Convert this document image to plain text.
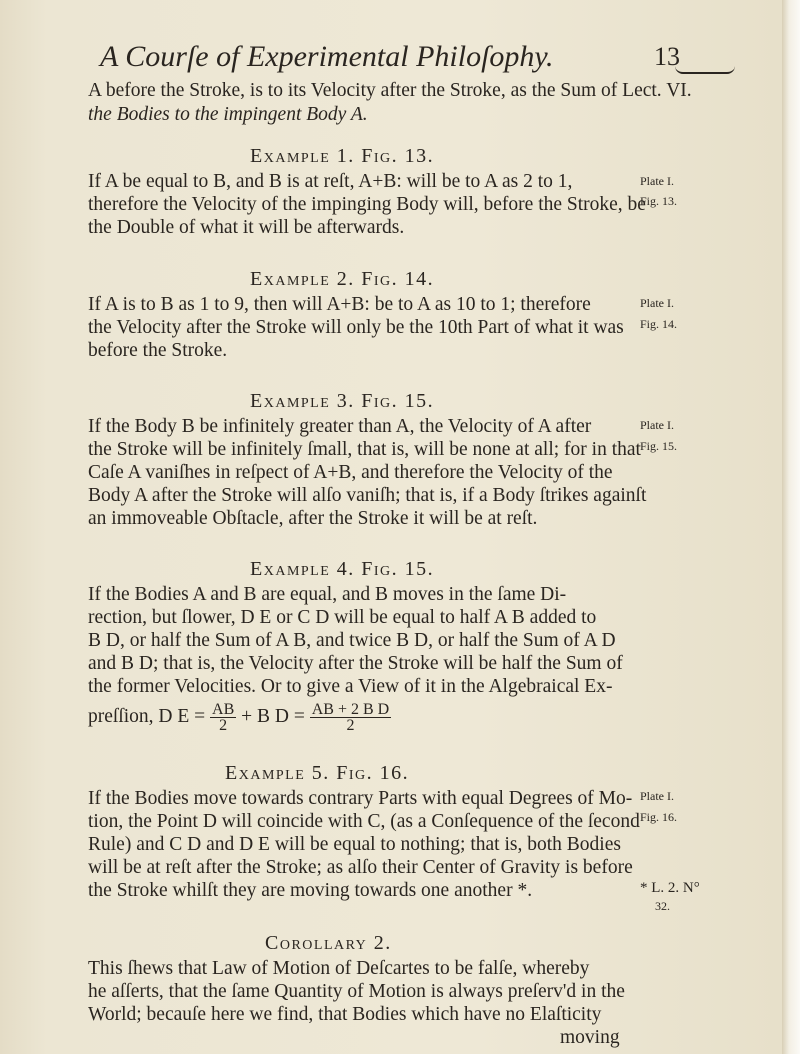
A Courſe of Experimental Philoſophy.	13
A before the Stroke, is to its Velocity after the Stroke, as the Sum of Lect. VI.
the Bodies to the impingent Body A.
Example 1. Fig. 13.
If A be equal to B, and B is at reſt, A+B: will be to A as 2 to 1,
therefore the Velocity of the impinging Body will, before the Stroke, be
the Double of what it will be afterwards.
Plate I.
Fig. 13.
Example 2. Fig. 14.
If A is to B as 1 to 9, then will A+B: be to A as 10 to 1; therefore
the Velocity after the Stroke will only be the 10th Part of what it was
before the Stroke.
Plate I.
Fig. 14.
Example 3. Fig. 15.
If the Body B be infinitely greater than A, the Velocity of A after
the Stroke will be infinitely ſmall, that is, will be none at all; for in that
Caſe A vaniſhes in reſpect of A+B, and therefore the Velocity of the
Body A after the Stroke will alſo vaniſh; that is, if a Body ſtrikes againſt
an immoveable Obſtacle, after the Stroke it will be at reſt.
Plate I.
Fig. 15.
Example 4. Fig. 15.
If the Bodies A and B are equal, and B moves in the ſame Di-
rection, but ſlower, D E or C D will be equal to half A B added to
B D, or half the Sum of A B, and twice B D, or half the Sum of A D
and B D; that is, the Velocity after the Stroke will be half the Sum of
the former Velocities. Or to give a View of it in the Algebraical Ex-
preſſion, D $E = \frac{AB}{2} + B$ $D = \frac{\text{AB + 2 B D}}{2}$
Example 5. Fig. 16.
If the Bodies move towards contrary Parts with equal Degrees of Mo-
tion, the Point D will coincide with C, (as a Conſequence of the ſecond
Rule) and C D and D E will be equal to nothing; that is, both Bodies
will be at reſt after the Stroke; as alſo their Center of Gravity is before
the Stroke whilſt they are moving towards one another *.
Plate I.
Fig. 16.
* L. 2. N°
32.
Corollary 2.
This ſhews that Law of Motion of Deſcartes to be falſe, whereby
he aſſerts, that the ſame Quantity of Motion is always preſerv'd in the
World; becauſe here we find, that Bodies which have no Elaſticity
moving
